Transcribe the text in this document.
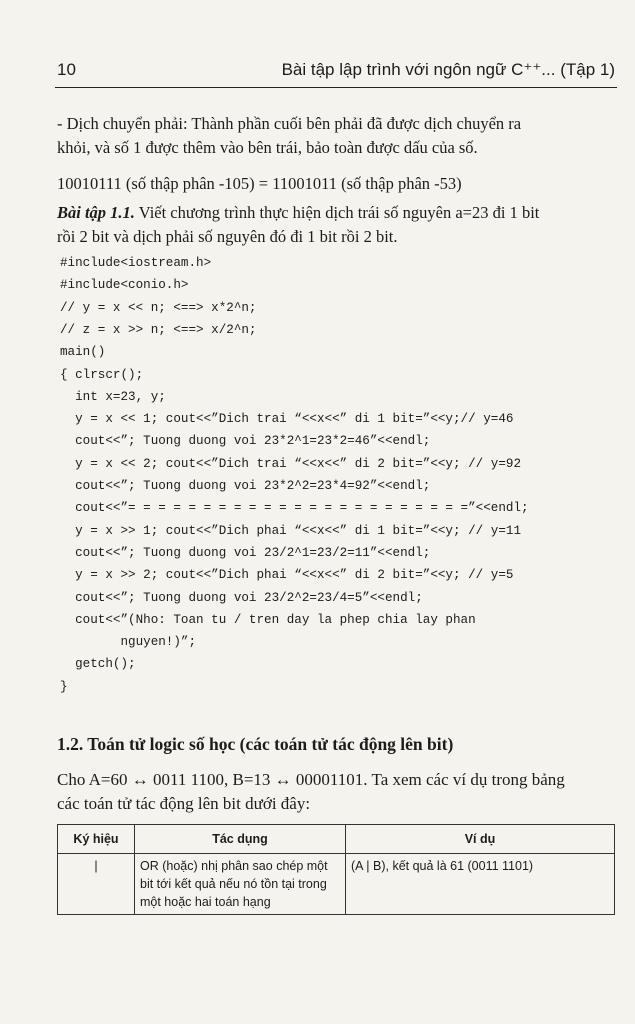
10	Bài tập lập trình với ngôn ngữ C⁺⁺... (Tập 1)
- Dịch chuyển phải: Thành phần cuối bên phải đã được dịch chuyển ra
khỏi, và số 1 được thêm vào bên trái, bảo toàn được dấu của số.
10010111 (số thập phân -105) = 11001011 (số thập phân -53)
Bài tập 1.1. Viết chương trình thực hiện dịch trái số nguyên a=23 đi 1 bit
rồi 2 bit và dịch phải số nguyên đó đi 1 bit rồi 2 bit.
#include<iostream.h>
#include<conio.h>
// y = x << n; <==> x*2^n;
// z = x >> n; <==> x/2^n;
main()
{ clrscr();
int x=23, y;
y = x << 1; cout<<”Dich trai “<<x<<” di 1 bit=”<<y;// y=46
cout<<”; Tuong duong voi 23*2^1=23*2=46”<<endl;
y = x << 2; cout<<”Dich trai “<<x<<” di 2 bit=”<<y; // y=92
cout<<”; Tuong duong voi 23*2^2=23*4=92”<<endl;
cout<<”= = = = = = = = = = = = = = = = = = = = = = =”<<endl;
y = x >> 1; cout<<”Dich phai “<<x<<” di 1 bit=”<<y; // y=11
cout<<”; Tuong duong voi 23/2^1=23/2=11”<<endl;
y = x >> 2; cout<<”Dich phai “<<x<<” di 2 bit=”<<y; // y=5
cout<<”; Tuong duong voi 23/2^2=23/4=5”<<endl;
cout<<”(Nho: Toan tu / tren day la phep chia lay phan
nguyen!)”;
getch();
}
1.2. Toán tử logic số học (các toán tử tác động lên bit)
Cho A=60 ↔ 0011 1100, B=13 ↔ 00001101. Ta xem các ví dụ trong bảng
các toán tử tác động lên bit dưới đây:
Ký hiệu	Tác dụng	Ví dụ
|	OR (hoặc) nhị phân sao chép một bit tới kết quả nếu nó tồn tại trong một hoặc hai toán hạng	(A | B), kết quả là 61 (0011 1101)
